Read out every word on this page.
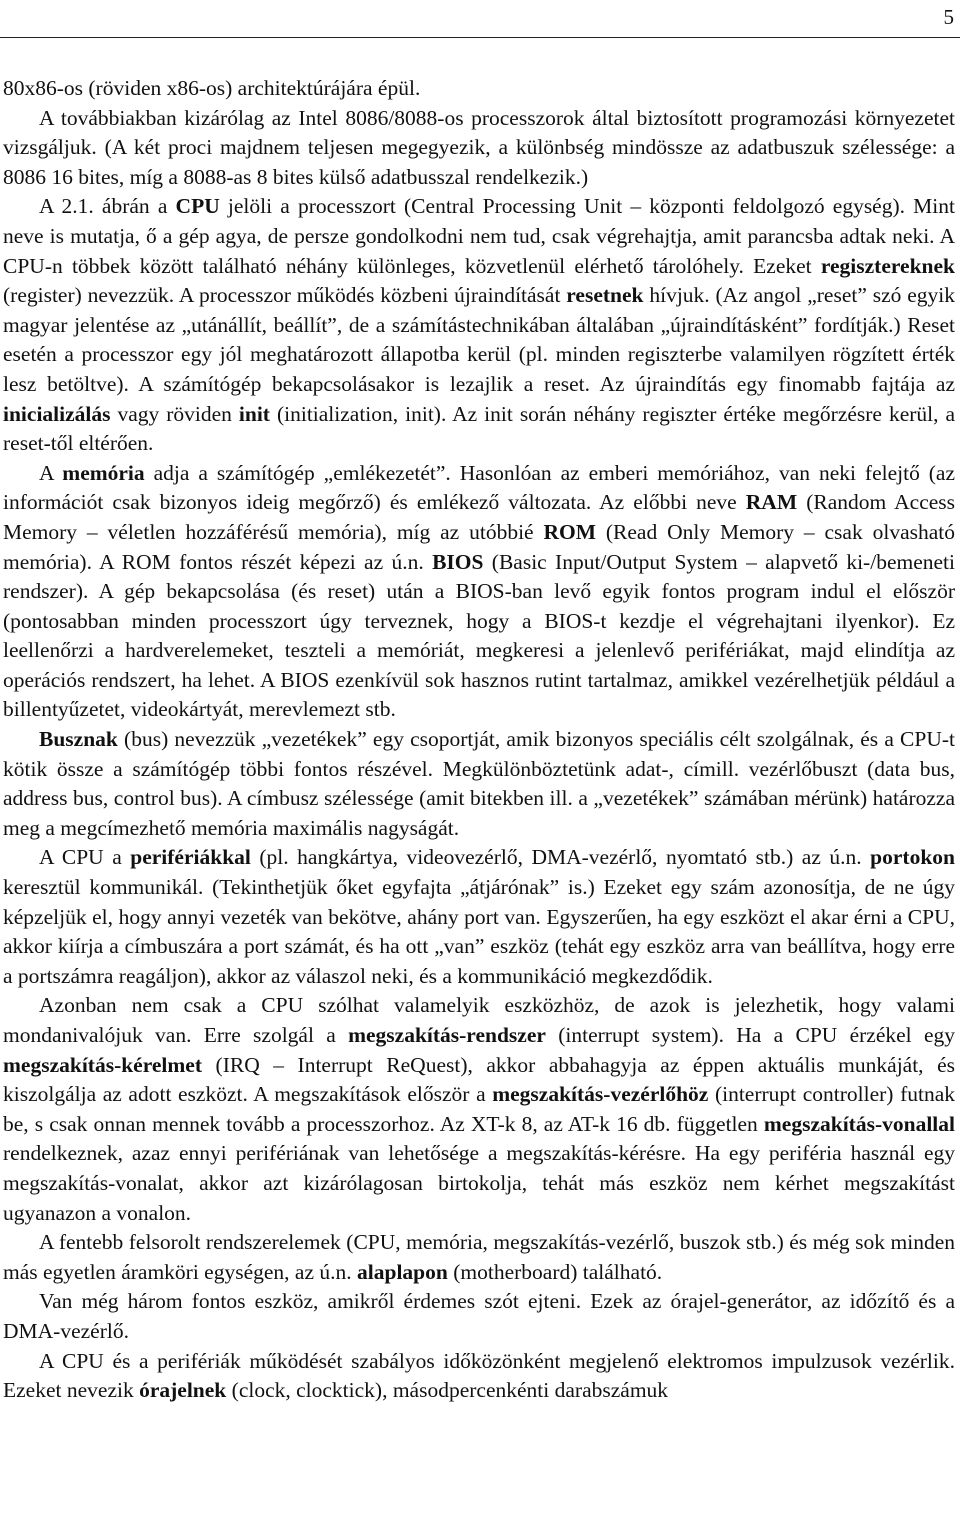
5

80x86-os (röviden x86-os) architektúrájára épül.

A továbbiakban kizárólag az Intel 8086/8088-os processzorok által biztosított programozási környezetet vizsgáljuk. (A két proci majdnem teljesen megegyezik, a különbség mindössze az adatbuszuk szélessége: a 8086 16 bites, míg a 8088-as 8 bites külső adatbusszal rendelkezik.)

A 2.1. ábrán a CPU jelöli a processzort (Central Processing Unit – központi feldolgozó egység). Mint neve is mutatja, ő a gép agya, de persze gondolkodni nem tud, csak végrehajtja, amit parancsba adtak neki. A CPU-n többek között található néhány különleges, közvetlenül elérhető tárolóhely. Ezeket regisztereknek (register) nevezzük. A processzor működés közbeni újraindítását resetnek hívjuk. (Az angol „reset” szó egyik magyar jelentése az „utánállít, beállít”, de a számítástechnikában általában „újraindításként” fordítják.) Reset esetén a processzor egy jól meghatározott állapotba kerül (pl. minden regiszterbe valamilyen rögzített érték lesz betöltve). A számítógép bekapcsolásakor is lezajlik a reset. Az újraindítás egy finomabb fajtája az inicializálás vagy röviden init (initialization, init). Az init során néhány regiszter értéke megőrzésre kerül, a reset-től eltérően.

A memória adja a számítógép „emlékezetét”. Hasonlóan az emberi memóriához, van neki felejtő (az információt csak bizonyos ideig megőrző) és emlékező változata. Az előbbi neve RAM (Random Access Memory – véletlen hozzáférésű memória), míg az utóbbié ROM (Read Only Memory – csak olvasható memória). A ROM fontos részét képezi az ú.n. BIOS (Basic Input/Output System – alapvető ki-/bemeneti rendszer). A gép bekapcsolása (és reset) után a BIOS-ban levő egyik fontos program indul el először (pontosabban minden processzort úgy terveznek, hogy a BIOS-t kezdje el végrehajtani ilyenkor). Ez leellenőrzi a hardverelemeket, teszteli a memóriát, megkeresi a jelenlevő perifériákat, majd elindítja az operációs rendszert, ha lehet. A BIOS ezenkívül sok hasznos rutint tartalmaz, amikkel vezérelhetjük például a billentyűzetet, videokártyát, merevlemezt stb.

Busznak (bus) nevezzük „vezetékek” egy csoportját, amik bizonyos speciális célt szolgálnak, és a CPU-t kötik össze a számítógép többi fontos részével. Megkülönböztetünk adat-, címill. vezérlőbuszt (data bus, address bus, control bus). A címbusz szélessége (amit bitekben ill. a „vezetékek” számában mérünk) határozza meg a megcímezhető memória maximális nagyságát.

A CPU a perifériákkal (pl. hangkártya, videovezérlő, DMA-vezérlő, nyomtató stb.) az ú.n. portokon keresztül kommunikál. (Tekinthetjük őket egyfajta „átjárónak” is.) Ezeket egy szám azonosítja, de ne úgy képzeljük el, hogy annyi vezeték van bekötve, ahány port van. Egyszerűen, ha egy eszközt el akar érni a CPU, akkor kiírja a címbuszára a port számát, és ha ott „van” eszköz (tehát egy eszköz arra van beállítva, hogy erre a portszámra reagáljon), akkor az válaszol neki, és a kommunikáció megkezdődik.

Azonban nem csak a CPU szólhat valamelyik eszközhöz, de azok is jelezhetik, hogy valami mondanivalójuk van. Erre szolgál a megszakítás-rendszer (interrupt system). Ha a CPU érzékel egy megszakítás-kérelmet (IRQ – Interrupt ReQuest), akkor abbahagyja az éppen aktuális munkáját, és kiszolgálja az adott eszközt. A megszakítások először a megszakítás-vezérlőhöz (interrupt controller) futnak be, s csak onnan mennek tovább a processzorhoz. Az XT-k 8, az AT-k 16 db. független megszakítás-vonallal rendelkeznek, azaz ennyi perifériának van lehetősége a megszakítás-kérésre. Ha egy periféria használ egy megszakítás-vonalat, akkor azt kizárólagosan birtokolja, tehát más eszköz nem kérhet megszakítást ugyanazon a vonalon.

A fentebb felsorolt rendszerelemek (CPU, memória, megszakítás-vezérlő, buszok stb.) és még sok minden más egyetlen áramköri egységen, az ú.n. alaplapon (motherboard) található.

Van még három fontos eszköz, amikről érdemes szót ejteni. Ezek az órajel-generátor, az időzítő és a DMA-vezérlő.

A CPU és a perifériák működését szabályos időközönként megjelenő elektromos impulzusok vezérlik. Ezeket nevezik órajelnek (clock, clocktick), másodpercenkénti darabszámuk
